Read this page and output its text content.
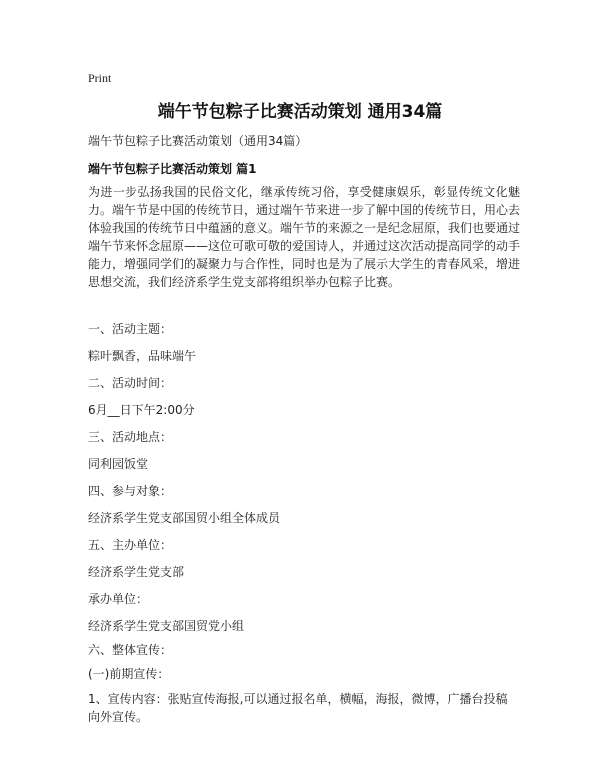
Print
端午节包粽子比赛活动策划 通用34篇
端午节包粽子比赛活动策划（通用34篇）
端午节包粽子比赛活动策划 篇1
为进一步弘扬我国的民俗文化，继承传统习俗，享受健康娱乐，彰显传统文化魅力。端午节是中国的传统节日，通过端午节来进一步了解中国的传统节日，用心去体验我国的传统节日中蕴涵的意义。端午节的来源之一是纪念屈原，我们也要通过端午节来怀念屈原——这位可歌可敬的爱国诗人，并通过这次活动提高同学的动手能力，增强同学们的凝聚力与合作性，同时也是为了展示大学生的青春风采，增进思想交流，我们经济系学生党支部将组织举办包粽子比赛。
一、活动主题：
粽叶飘香，品味端午
二、活动时间：
6月__日下午2:00分
三、活动地点：
同利园饭堂
四、参与对象：
经济系学生党支部国贸小组全体成员
五、主办单位：
经济系学生党支部
承办单位：
经济系学生党支部国贸党小组
六、整体宣传：
(一)前期宣传：
1、宣传内容：张贴宣传海报,可以通过报名单，横幅，海报，微博，广播台投稿向外宣传。
